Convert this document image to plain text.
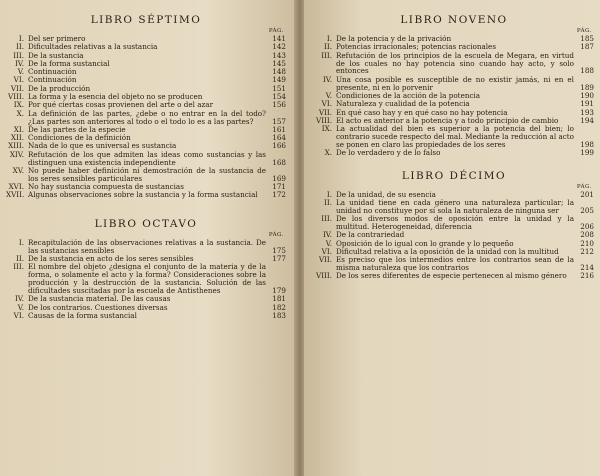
LIBRO SÉPTIMO
PÁG.
I. Del ser primero	141
II. Dificultades relativas a la sustancia	142
III. De la sustancia	143
IV. De la forma sustancial	145
V. Continuación	148
VI. Continuación	149
VII. De la producción	151
VIII. La forma y la esencia del objeto no se producen	154
IX. Por qué ciertas cosas provienen del arte o del azar	156
X. La definición de las partes, ¿debe o no entrar en la del todo? ¿Las partes son anteriores al todo o el todo lo es a las partes?	157
XI. De las partes de la especie	161
XII. Condiciones de la definición	164
XIII. Nada de lo que es universal es sustancia	166
XIV. Refutación de los que admiten las ideas como sustancias y las distinguen una existencia independiente	168
XV. No puede haber definición ni demostración de la sustancia de los seres sensibles particulares	169
XVI. No hay sustancia compuesta de sustancias	171
XVII. Algunas observaciones sobre la sustancia y la forma sustancial	172
LIBRO OCTAVO
PÁG.
I. Recapitulación de las observaciones relativas a la sustancia. De las sustancias sensibles	175
II. De la sustancia en acto de los seres sensibles	177
III. El nombre del objeto ¿designa el conjunto de la materia y de la forma, o solamente el acto y la forma? Consideraciones sobre la producción y la destrucción de la sustancia. Solución de las dificultades suscitadas por la escuela de Antisthenes	179
IV. De la sustancia material. De las causas	181
V. De los contrarios. Cuestiones diversas	182
VI. Causas de la forma sustancial	183
LIBRO NOVENO
PÁG.
I. De la potencia y de la privación	185
II. Potencias irracionales; potencias racionales	187
III. Refutación de los principios de la escuela de Megara, en virtud de los cuales no hay potencia sino cuando hay acto, y solo entonces	188
IV. Una cosa posible es susceptible de no existir jamás, ni en el presente, ni en lo porvenir	189
V. Condiciones de la acción de la potencia	190
VI. Naturaleza y cualidad de la potencia	191
VII. En qué caso hay y en qué caso no hay potencia	193
VIII. El acto es anterior a la potencia y a todo principio de cambio	194
IX. La actualidad del bien es superior a la potencia del bien; lo contrario sucede respecto del mal. Mediante la reducción al acto se ponen en claro las propiedades de los seres	198
X. De lo verdadero y de lo falso	199
LIBRO DÉCIMO
PÁG.
I. De la unidad, de su esencia	201
II. La unidad tiene en cada género una naturaleza particular; la unidad no constituye por sí sola la naturaleza de ninguna ser	205
III. De los diversos modos de oposición entre la unidad y la multitud. Heterogeneidad, diferencia	206
IV. De la contrariedad	208
V. Oposición de lo igual con lo grande y lo pequeño	210
VI. Dificultad relativa a la oposición de la unidad con la multitud	212
VII. Es preciso que los intermedios entre los contrarios sean de la misma naturaleza que los contrarios	214
VIII. De los seres diferentes de especie pertenecen al mismo género	216
